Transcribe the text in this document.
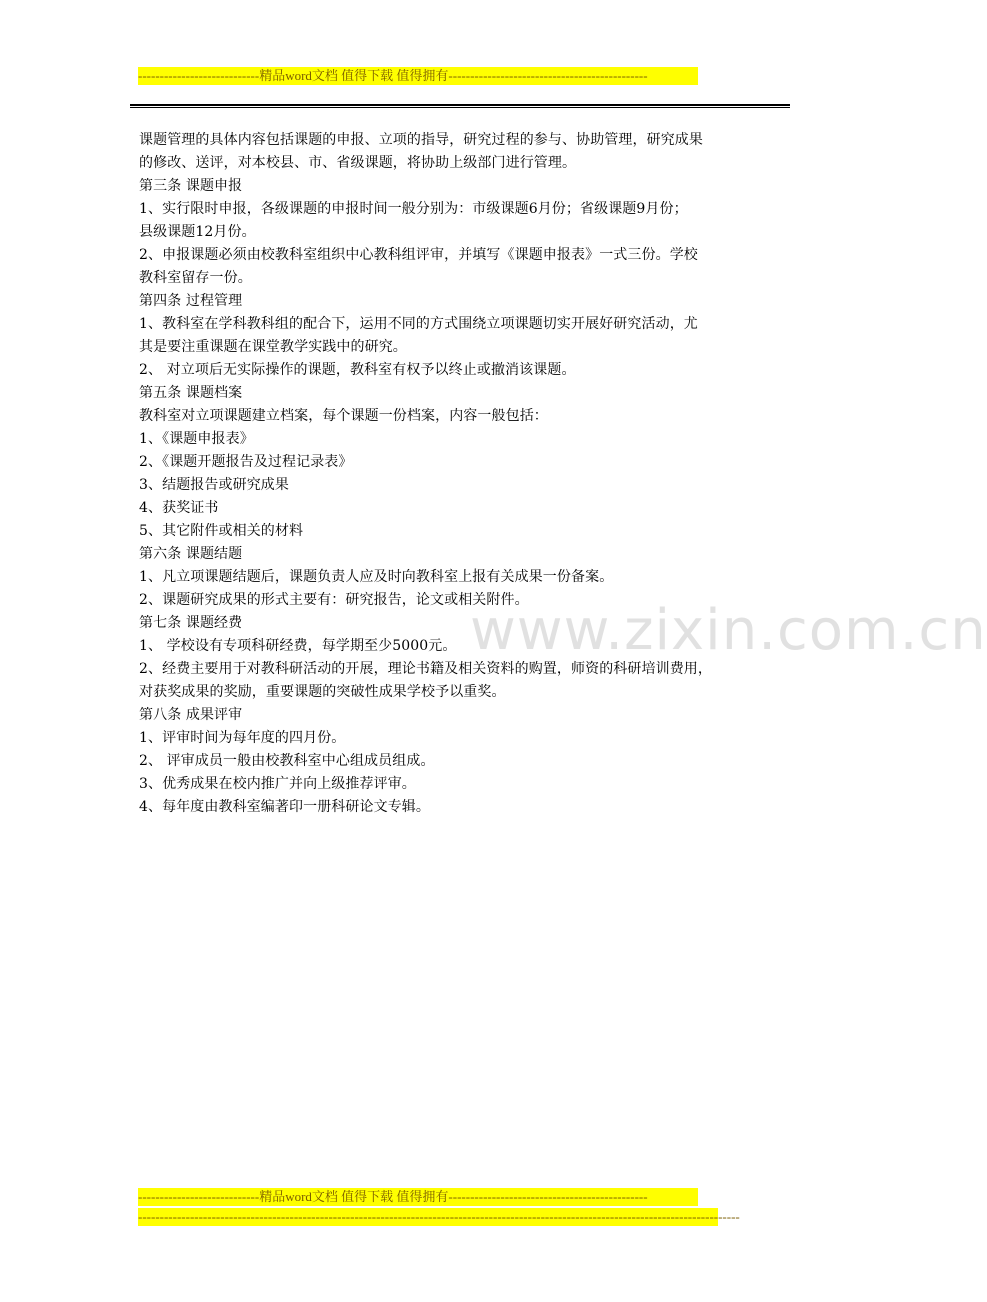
----------------------------精品word文档 值得下载 值得拥有----------------------------------------------
课题管理的具体内容包括课题的申报、立项的指导，研究过程的参与、协助管理，研究成果
的修改、送评，对本校县、市、省级课题，将协助上级部门进行管理。
第三条 课题申报
1、实行限时申报，各级课题的申报时间一般分别为：市级课题6月份；省级课题9月份；
县级课题12月份。
2、申报课题必须由校教科室组织中心教科组评审，并填写《课题申报表》一式三份。学校
教科室留存一份。
第四条 过程管理
1、教科室在学科教科组的配合下，运用不同的方式围绕立项课题切实开展好研究活动，尤
其是要注重课题在课堂教学实践中的研究。
2、 对立项后无实际操作的课题，教科室有权予以终止或撤消该课题。
第五条 课题档案
教科室对立项课题建立档案，每个课题一份档案，内容一般包括：
1、《课题申报表》
2、《课题开题报告及过程记录表》
3、结题报告或研究成果
4、获奖证书
5、其它附件或相关的材料
第六条 课题结题
1、凡立项课题结题后，课题负责人应及时向教科室上报有关成果一份备案。
2、课题研究成果的形式主要有：研究报告，论文或相关附件。
第七条 课题经费
1、 学校设有专项科研经费，每学期至少5000元。
2、经费主要用于对教科研活动的开展，理论书籍及相关资料的购置，师资的科研培训费用，
对获奖成果的奖励，重要课题的突破性成果学校予以重奖。
第八条 成果评审
1、评审时间为每年度的四月份。
2、 评审成员一般由校教科室中心组成员组成。
3、优秀成果在校内推广并向上级推荐评审。
4、每年度由教科室编著印一册科研论文专辑。
www.zixin.com.cn
----------------------------精品word文档 值得下载 值得拥有----------------------------------------------
-------------------------------------------------------------------------------------------------------------------------------------------
